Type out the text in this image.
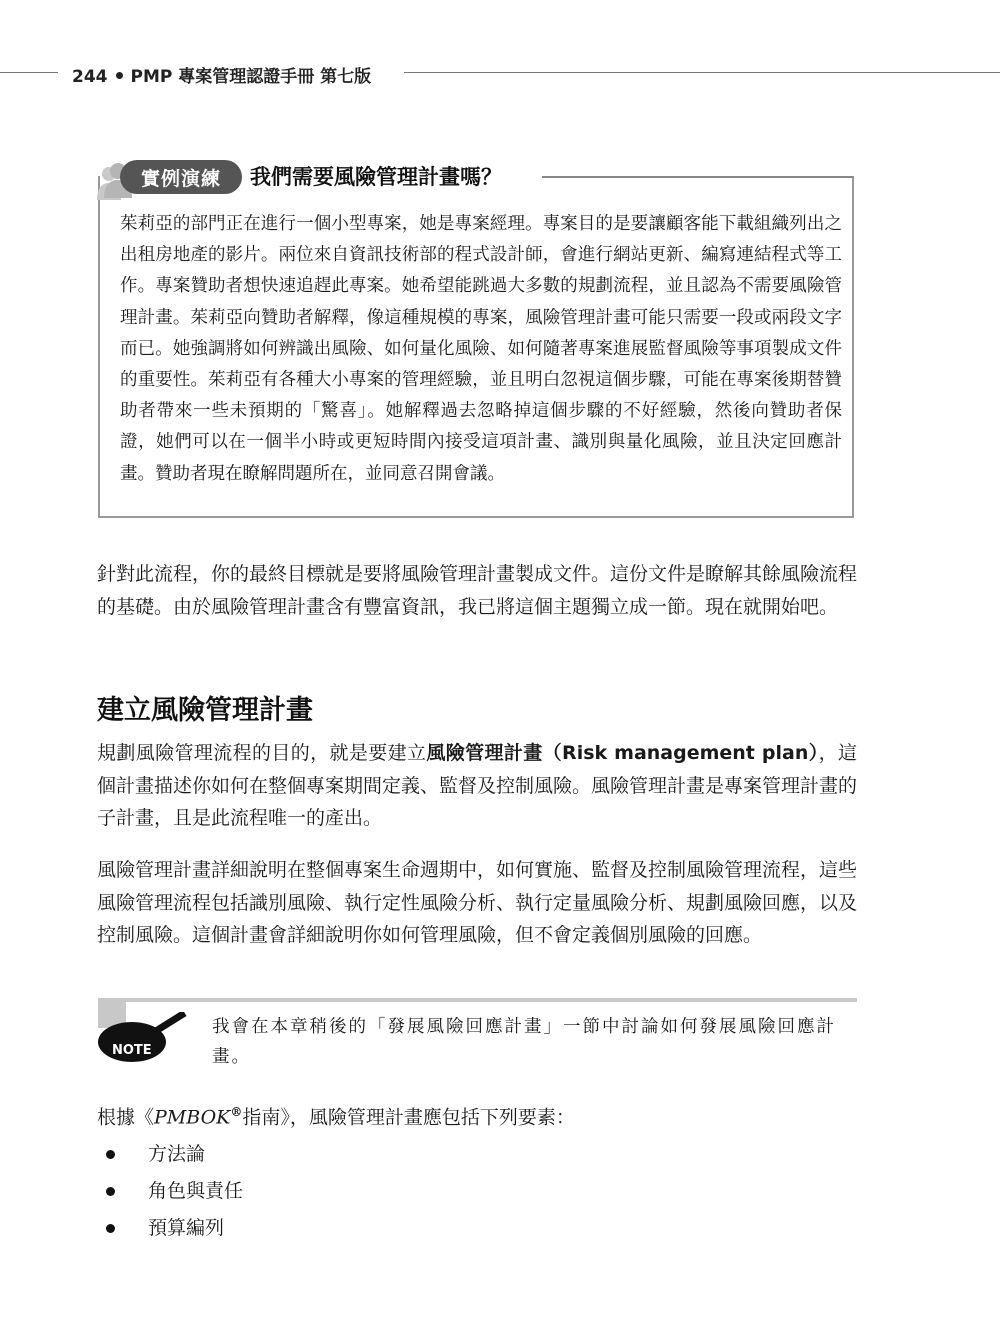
244 PMP 專案管理認證手冊 第七版
實例演練	我們需要風險管理計畫嗎？
茱莉亞的部門正在進行一個小型專案，她是專案經理。專案目的是要讓顧客能下載組織列出之出租房地產的影片。兩位來自資訊技術部的程式設計師，會進行網站更新、編寫連結程式等工作。專案贊助者想快速追趕此專案。她希望能跳過大多數的規劃流程，並且認為不需要風險管理計畫。茱莉亞向贊助者解釋，像這種規模的專案，風險管理計畫可能只需要一段或兩段文字而已。她強調將如何辨識出風險、如何量化風險、如何隨著專案進展監督風險等事項製成文件的重要性。茱莉亞有各種大小專案的管理經驗，並且明白忽視這個步驟，可能在專案後期替贊助者帶來一些未預期的「驚喜」。她解釋過去忽略掉這個步驟的不好經驗，然後向贊助者保證，她們可以在一個半小時或更短時間內接受這項計畫、識別與量化風險，並且決定回應計畫。贊助者現在瞭解問題所在，並同意召開會議。
針對此流程，你的最終目標就是要將風險管理計畫製成文件。這份文件是瞭解其餘風險流程的基礎。由於風險管理計畫含有豐富資訊，我已將這個主題獨立成一節。現在就開始吧。
建立風險管理計畫
規劃風險管理流程的目的，就是要建立風險管理計畫（Risk management plan），這個計畫描述你如何在整個專案期間定義、監督及控制風險。風險管理計畫是專案管理計畫的子計畫，且是此流程唯一的產出。
風險管理計畫詳細說明在整個專案生命週期中，如何實施、監督及控制風險管理流程，這些風險管理流程包括識別風險、執行定性風險分析、執行定量風險分析、規劃風險回應，以及控制風險。這個計畫會詳細說明你如何管理風險，但不會定義個別風險的回應。
NOTE
我會在本章稍後的「發展風險回應計畫」一節中討論如何發展風險回應計畫。
根據《PMBOK®指南》，風險管理計畫應包括下列要素：
方法論
角色與責任
預算編列
